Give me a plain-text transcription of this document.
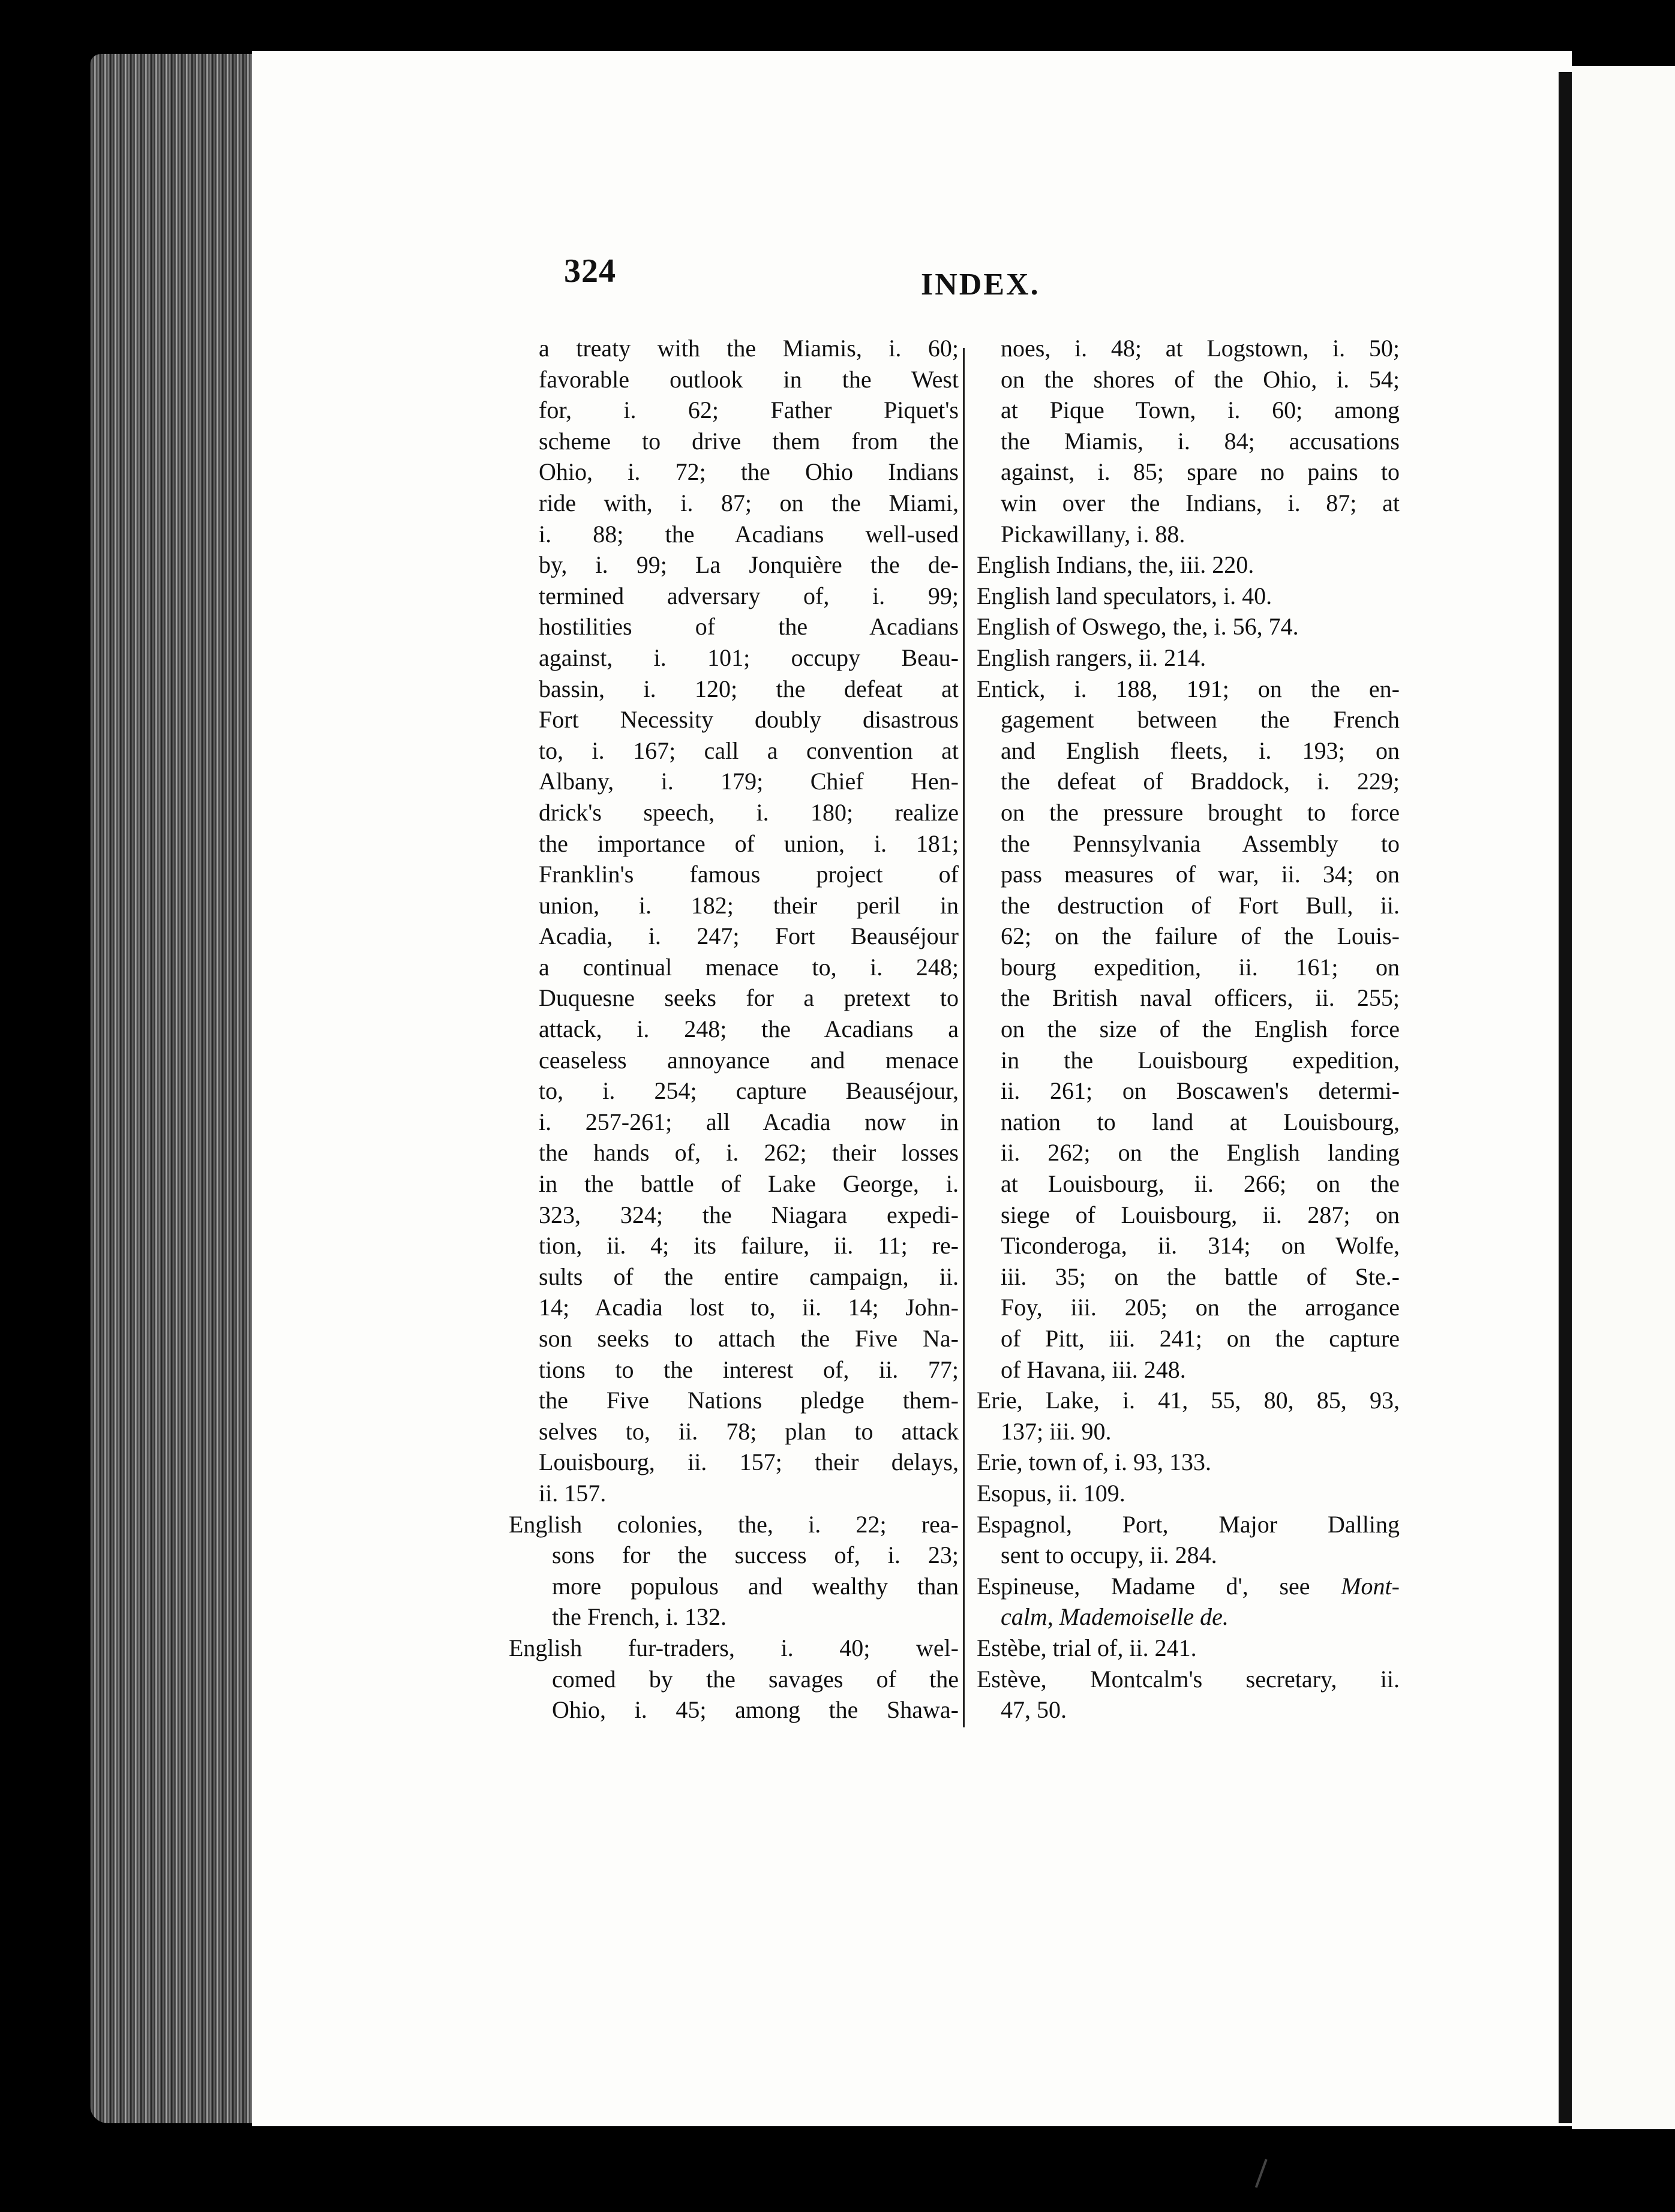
324	INDEX.
a treaty with the Miamis, i. 60;
favorable outlook in the West
for, i. 62; Father Piquet's
scheme to drive them from the
Ohio, i. 72; the Ohio Indians
ride with, i. 87; on the Miami,
i. 88; the Acadians well-used
by, i. 99; La Jonquière the de-
termined adversary of, i. 99;
hostilities of the Acadians
against, i. 101; occupy Beau-
bassin, i. 120; the defeat at
Fort Necessity doubly disastrous
to, i. 167; call a convention at
Albany, i. 179; Chief Hen-
drick's speech, i. 180; realize
the importance of union, i. 181;
Franklin's famous project of
union, i. 182; their peril in
Acadia, i. 247; Fort Beauséjour
a continual menace to, i. 248;
Duquesne seeks for a pretext to
attack, i. 248; the Acadians a
ceaseless annoyance and menace
to, i. 254; capture Beauséjour,
i. 257-261; all Acadia now in
the hands of, i. 262; their losses
in the battle of Lake George, i.
323, 324; the Niagara expedi-
tion, ii. 4; its failure, ii. 11; re-
sults of the entire campaign, ii.
14; Acadia lost to, ii. 14; John-
son seeks to attach the Five Na-
tions to the interest of, ii. 77;
the Five Nations pledge them-
selves to, ii. 78; plan to attack
Louisbourg, ii. 157; their delays,
ii. 157.
English colonies, the, i. 22; rea-
sons for the success of, i. 23;
more populous and wealthy than
the French, i. 132.
English fur-traders, i. 40; wel-
comed by the savages of the
Ohio, i. 45; among the Shawa-
noes, i. 48; at Logstown, i. 50;
on the shores of the Ohio, i. 54;
at Pique Town, i. 60; among
the Miamis, i. 84; accusations
against, i. 85; spare no pains to
win over the Indians, i. 87; at
Pickawillany, i. 88.
English Indians, the, iii. 220.
English land speculators, i. 40.
English of Oswego, the, i. 56, 74.
English rangers, ii. 214.
Entick, i. 188, 191; on the en-
gagement between the French
and English fleets, i. 193; on
the defeat of Braddock, i. 229;
on the pressure brought to force
the Pennsylvania Assembly to
pass measures of war, ii. 34; on
the destruction of Fort Bull, ii.
62; on the failure of the Louis-
bourg expedition, ii. 161; on
the British naval officers, ii. 255;
on the size of the English force
in the Louisbourg expedition,
ii. 261; on Boscawen's determi-
nation to land at Louisbourg,
ii. 262; on the English landing
at Louisbourg, ii. 266; on the
siege of Louisbourg, ii. 287; on
Ticonderoga, ii. 314; on Wolfe,
iii. 35; on the battle of Ste.-
Foy, iii. 205; on the arrogance
of Pitt, iii. 241; on the capture
of Havana, iii. 248.
Erie, Lake, i. 41, 55, 80, 85, 93,
137; iii. 90.
Erie, town of, i. 93, 133.
Esopus, ii. 109.
Espagnol, Port, Major Dalling
sent to occupy, ii. 284.
Espineuse, Madame d', see Mont-
calm, Mademoiselle de.
Estèbe, trial of, ii. 241.
Estève, Montcalm's secretary, ii.
47, 50.
